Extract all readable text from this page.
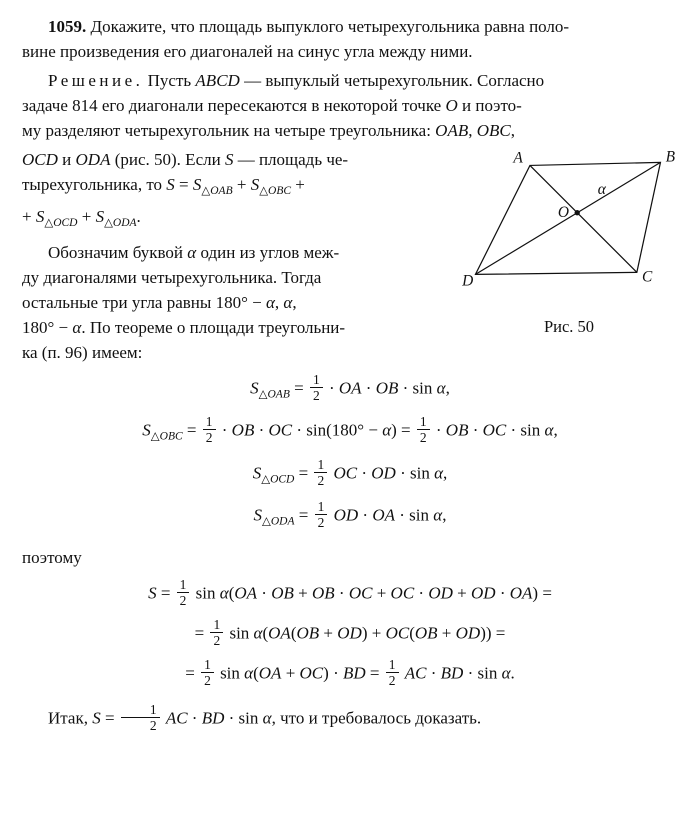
1059. Докажите, что площадь выпуклого четырехугольника равна поло-
вине произведения его диагоналей на синус угла между ними.

Решение. Пусть ABCD — выпуклый четырехугольник. Согласно
задаче 814 его диагонали пересекаются в некоторой точке O и поэто-
му разделяют четырехугольник на четыре треугольника: OAB, OBC,

A	B
C
D
O
α
Рис. 50

OCD и ODA (рис. 50). Если S — площадь че-
тырехугольника, то $S = S_{\triangle OAB} + S_{\triangle OBC}$ +
+ $S_{\triangle OCD} + S_{\triangle ODA}$.

Обозначим буквой α один из углов меж-
ду диагоналями четырехугольника. Тогда
остальные три угла равны 180° − α, α,
180° − α. По теореме о площади треугольни-
ка (п. 96) имеем:

$S_{\triangle OAB} = \frac{1}{2}$ · OA · OB · sin α,
$S_{\triangle OBC} = \frac{1}{2}$ · OB · OC · $\sin(180^\circ - \alpha) = \frac{1}{2}$ · OB · OC · sin α,
$S_{\triangle OCD} = \frac{1}{2}$ OC · OD · sin α,
$S_{\triangle ODA} = \frac{1}{2}$ OD · OA · sin α,

поэтому

$S = \frac{1}{2}$ sin α(OA · OB + OB · OC + OC · OD + OD · OA) =
= $\frac{1}{2}$ sin α(OA(OB + OD) + OC(OB + OD)) =
= $\frac{1}{2}$ sin α(OA + OC) · BD = $\frac{1}{2}$ AC · BD · sin α.

Итак, $S = \frac{1}{2}$ AC · BD · sin α, что и требовалось доказать.
